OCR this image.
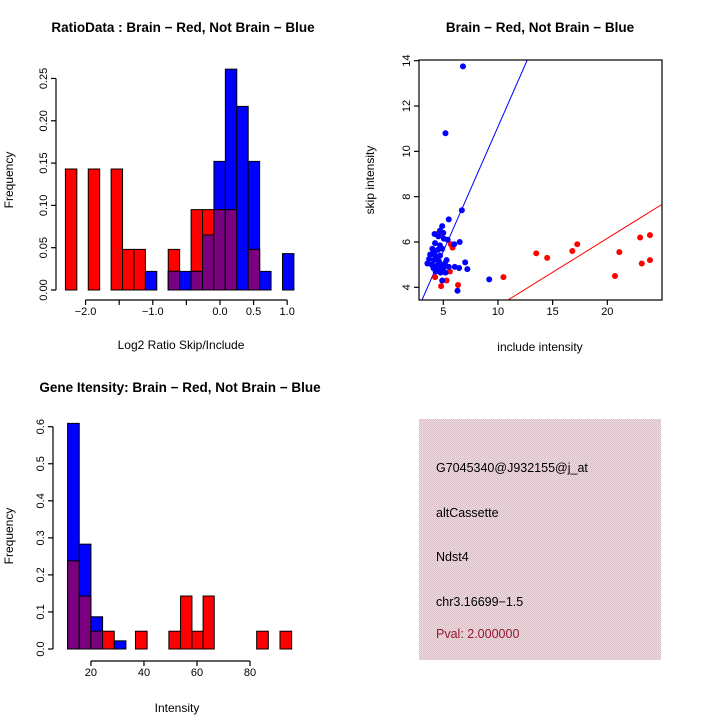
RatioData : Brain − Red, Not Brain − Blue
Log2 Ratio Skip/Include
Frequency
−2.0	−1.0	0.0 0.5 1.0
0.00
0.05
0.10
0.15
0.20
0.25
Brain − Red, Not Brain − Blue
include intensity
skip intensity
5	10	15	20
4
6
8
10
12
14
Gene Itensity: Brain − Red, Not Brain − Blue
Intensity
Frequency
20	40	60	80
0.0
0.1
0.2
0.3
0.4
0.5
0.6
G7045340@J932155@j_at
altCassette
Ndst4
chr3.16699−1.5
Pval: 2.000000
